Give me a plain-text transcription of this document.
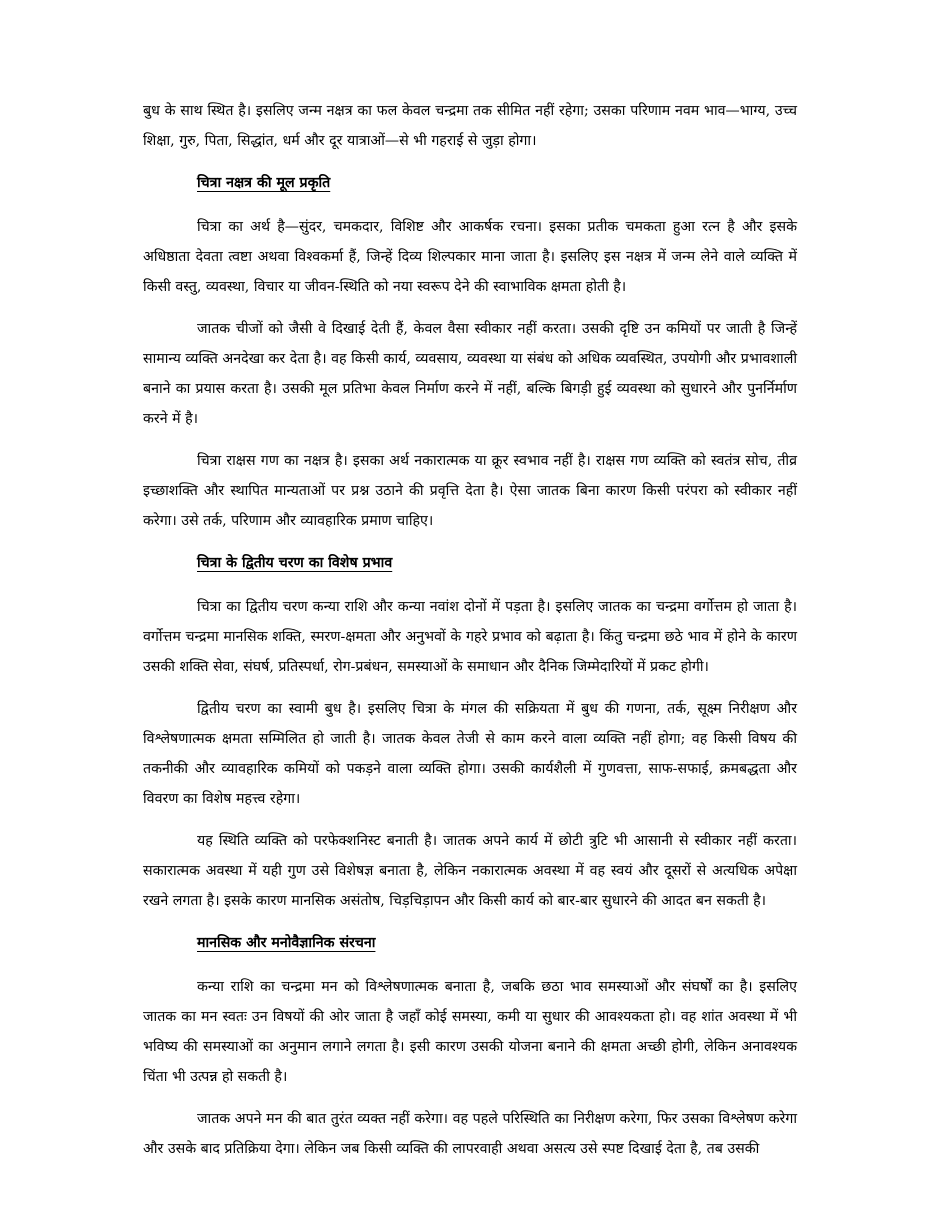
बुध के साथ स्थित है। इसलिए जन्म नक्षत्र का फल केवल चन्द्रमा तक सीमित नहीं रहेगा; उसका परिणाम नवम भाव—भाग्य, उच्च शिक्षा, गुरु, पिता, सिद्धांत, धर्म और दूर यात्राओं—से भी गहराई से जुड़ा होगा।

चित्रा नक्षत्र की मूल प्रकृति

चित्रा का अर्थ है—सुंदर, चमकदार, विशिष्ट और आकर्षक रचना। इसका प्रतीक चमकता हुआ रत्न है और इसके अधिष्ठाता देवता त्वष्टा अथवा विश्वकर्मा हैं, जिन्हें दिव्य शिल्पकार माना जाता है। इसलिए इस नक्षत्र में जन्म लेने वाले व्यक्ति में किसी वस्तु, व्यवस्था, विचार या जीवन-स्थिति को नया स्वरूप देने की स्वाभाविक क्षमता होती है।

जातक चीजों को जैसी वे दिखाई देती हैं, केवल वैसा स्वीकार नहीं करता। उसकी दृष्टि उन कमियों पर जाती है जिन्हें सामान्य व्यक्ति अनदेखा कर देता है। वह किसी कार्य, व्यवसाय, व्यवस्था या संबंध को अधिक व्यवस्थित, उपयोगी और प्रभावशाली बनाने का प्रयास करता है। उसकी मूल प्रतिभा केवल निर्माण करने में नहीं, बल्कि बिगड़ी हुई व्यवस्था को सुधारने और पुनर्निर्माण करने में है।

चित्रा राक्षस गण का नक्षत्र है। इसका अर्थ नकारात्मक या क्रूर स्वभाव नहीं है। राक्षस गण व्यक्ति को स्वतंत्र सोच, तीव्र इच्छाशक्ति और स्थापित मान्यताओं पर प्रश्न उठाने की प्रवृत्ति देता है। ऐसा जातक बिना कारण किसी परंपरा को स्वीकार नहीं करेगा। उसे तर्क, परिणाम और व्यावहारिक प्रमाण चाहिए।

चित्रा के द्वितीय चरण का विशेष प्रभाव

चित्रा का द्वितीय चरण कन्या राशि और कन्या नवांश दोनों में पड़ता है। इसलिए जातक का चन्द्रमा वर्गोत्तम हो जाता है। वर्गोत्तम चन्द्रमा मानसिक शक्ति, स्मरण-क्षमता और अनुभवों के गहरे प्रभाव को बढ़ाता है। किंतु चन्द्रमा छठे भाव में होने के कारण उसकी शक्ति सेवा, संघर्ष, प्रतिस्पर्धा, रोग-प्रबंधन, समस्याओं के समाधान और दैनिक जिम्मेदारियों में प्रकट होगी।

द्वितीय चरण का स्वामी बुध है। इसलिए चित्रा के मंगल की सक्रियता में बुध की गणना, तर्क, सूक्ष्म निरीक्षण और विश्लेषणात्मक क्षमता सम्मिलित हो जाती है। जातक केवल तेजी से काम करने वाला व्यक्ति नहीं होगा; वह किसी विषय की तकनीकी और व्यावहारिक कमियों को पकड़ने वाला व्यक्ति होगा। उसकी कार्यशैली में गुणवत्ता, साफ-सफाई, क्रमबद्धता और विवरण का विशेष महत्त्व रहेगा।

यह स्थिति व्यक्ति को परफेक्शनिस्ट बनाती है। जातक अपने कार्य में छोटी त्रुटि भी आसानी से स्वीकार नहीं करता। सकारात्मक अवस्था में यही गुण उसे विशेषज्ञ बनाता है, लेकिन नकारात्मक अवस्था में वह स्वयं और दूसरों से अत्यधिक अपेक्षा रखने लगता है। इसके कारण मानसिक असंतोष, चिड़चिड़ापन और किसी कार्य को बार-बार सुधारने की आदत बन सकती है।

मानसिक और मनोवैज्ञानिक संरचना

कन्या राशि का चन्द्रमा मन को विश्लेषणात्मक बनाता है, जबकि छठा भाव समस्याओं और संघर्षों का है। इसलिए जातक का मन स्वतः उन विषयों की ओर जाता है जहाँ कोई समस्या, कमी या सुधार की आवश्यकता हो। वह शांत अवस्था में भी भविष्य की समस्याओं का अनुमान लगाने लगता है। इसी कारण उसकी योजना बनाने की क्षमता अच्छी होगी, लेकिन अनावश्यक चिंता भी उत्पन्न हो सकती है।

जातक अपने मन की बात तुरंत व्यक्त नहीं करेगा। वह पहले परिस्थिति का निरीक्षण करेगा, फिर उसका विश्लेषण करेगा और उसके बाद प्रतिक्रिया देगा। लेकिन जब किसी व्यक्ति की लापरवाही अथवा असत्य उसे स्पष्ट दिखाई देता है, तब उसकी
